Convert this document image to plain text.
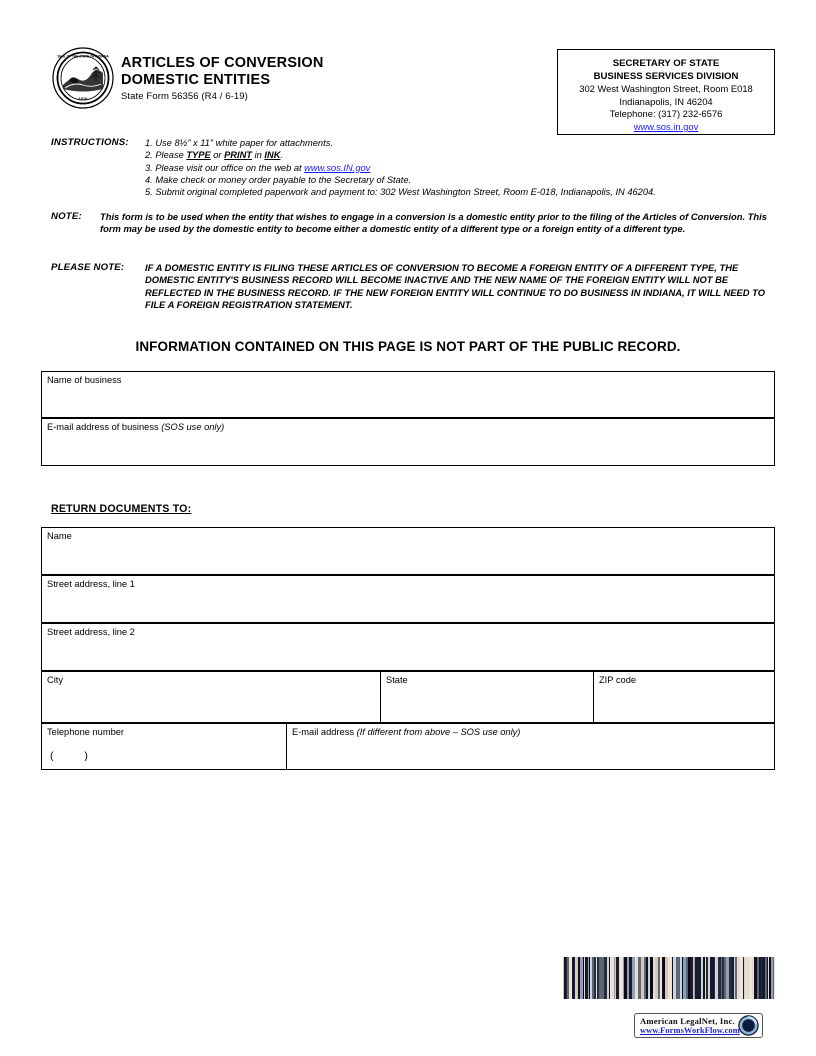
SEAL OF THE STATE OF INDIANA
1816
ARTICLES OF CONVERSION
DOMESTIC ENTITIES
State Form 56356 (R4 / 6-19)
SECRETARY OF STATE
BUSINESS SERVICES DIVISION
302 West Washington Street, Room E018
Indianapolis, IN 46204
Telephone: (317) 232-6576
www.sos.in.gov
INSTRUCTIONS: 1. Use 8½” x 11” white paper for attachments.
2. Please TYPE or PRINT in INK.
3. Please visit our office on the web at www.sos.IN.gov
4. Make check or money order payable to the Secretary of State.
5. Submit original completed paperwork and payment to: 302 West Washington Street, Room E-018, Indianapolis, IN 46204.
NOTE: This form is to be used when the entity that wishes to engage in a conversion is a domestic entity prior to the filing of the Articles of Conversion. This form may be used by the domestic entity to become either a domestic entity of a different type or a foreign entity of a different type.
PLEASE NOTE: IF A DOMESTIC ENTITY IS FILING THESE ARTICLES OF CONVERSION TO BECOME A FOREIGN ENTITY OF A DIFFERENT TYPE, THE DOMESTIC ENTITY'S BUSINESS RECORD WILL BECOME INACTIVE AND THE NEW NAME OF THE FOREIGN ENTITY WILL NOT BE REFLECTED IN THE BUSINESS RECORD. IF THE NEW FOREIGN ENTITY WILL CONTINUE TO DO BUSINESS IN INDIANA, IT WILL NEED TO FILE A FOREIGN REGISTRATION STATEMENT.
INFORMATION CONTAINED ON THIS PAGE IS NOT PART OF THE PUBLIC RECORD.
Name of business
E-mail address of business (SOS use only)
RETURN DOCUMENTS TO:
Name
Street address, line 1
Street address, line 2
City	State	ZIP code
Telephone number
( )
E-mail address (If different from above – SOS use only)
American LegalNet, Inc.
www.FormsWorkFlow.com
